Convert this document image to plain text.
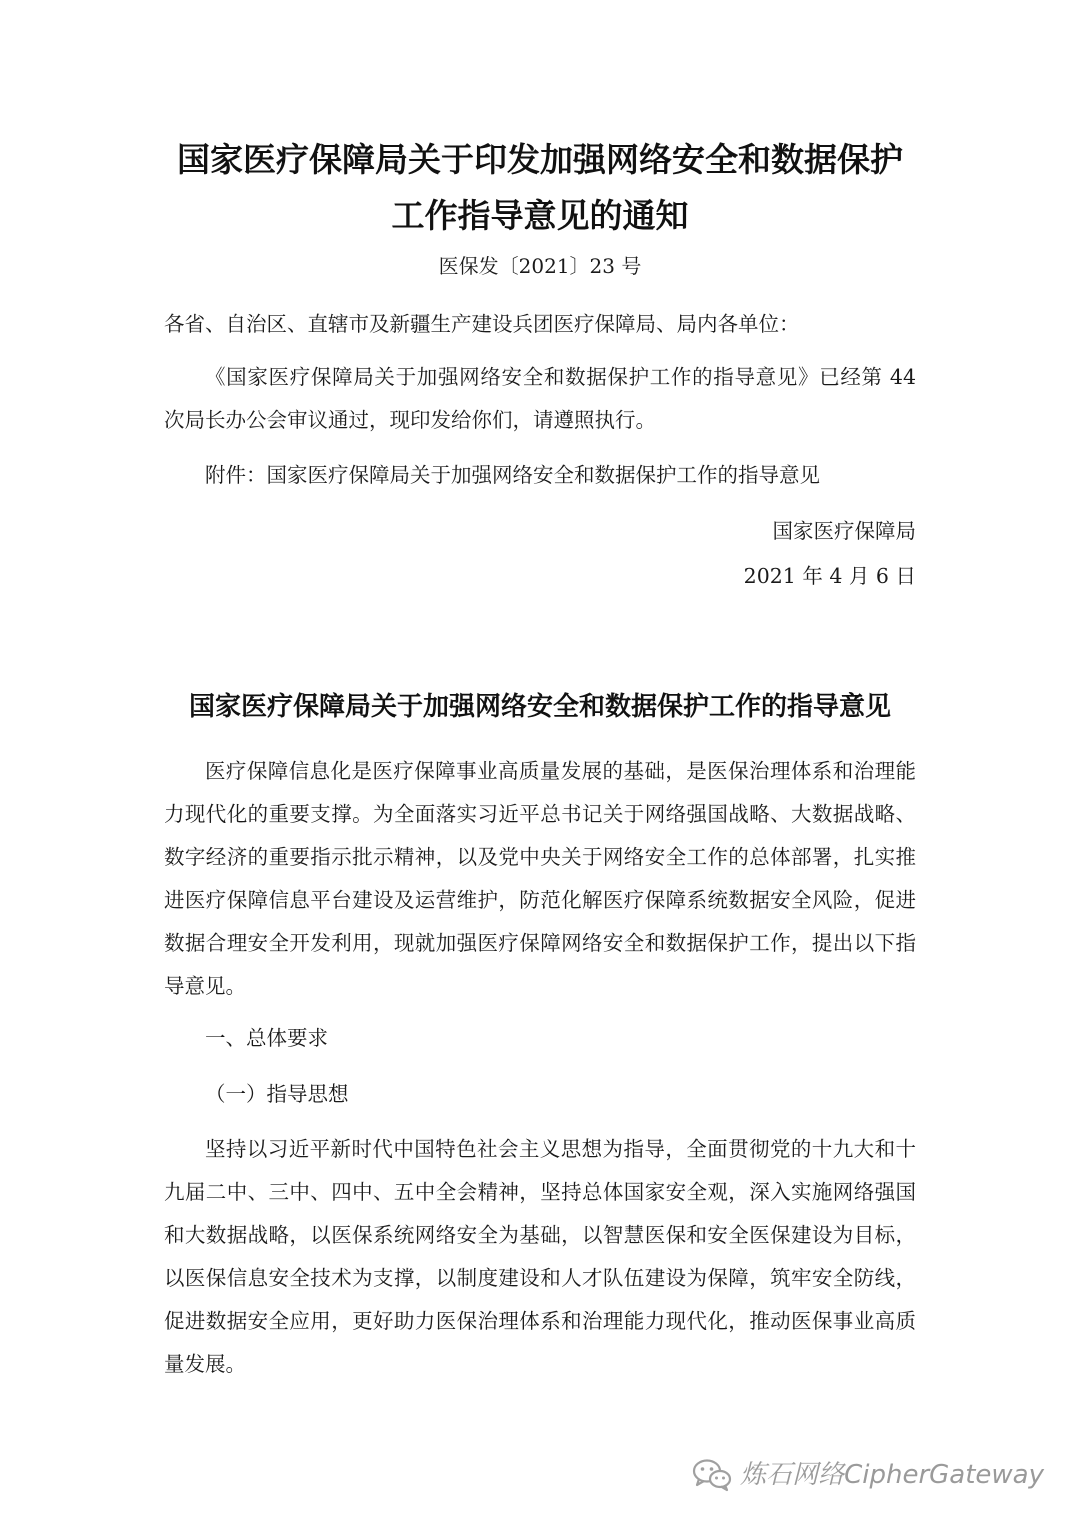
国家医疗保障局关于印发加强网络安全和数据保护
工作指导意见的通知
医保发〔2021〕23 号
各省、自治区、直辖市及新疆生产建设兵团医疗保障局、局内各单位：
《国家医疗保障局关于加强网络安全和数据保护工作的指导意见》已经第 44 次局长办公会审议通过，现印发给你们，请遵照执行。
附件：国家医疗保障局关于加强网络安全和数据保护工作的指导意见
国家医疗保障局
2021 年 4 月 6 日
国家医疗保障局关于加强网络安全和数据保护工作的指导意见
医疗保障信息化是医疗保障事业高质量发展的基础，是医保治理体系和治理能力现代化的重要支撑。为全面落实习近平总书记关于网络强国战略、大数据战略、数字经济的重要指示批示精神，以及党中央关于网络安全工作的总体部署，扎实推进医疗保障信息平台建设及运营维护，防范化解医疗保障系统数据安全风险，促进数据合理安全开发利用，现就加强医疗保障网络安全和数据保护工作，提出以下指导意见。
一、总体要求
（一）指导思想
坚持以习近平新时代中国特色社会主义思想为指导，全面贯彻党的十九大和十九届二中、三中、四中、五中全会精神，坚持总体国家安全观，深入实施网络强国和大数据战略，以医保系统网络安全为基础，以智慧医保和安全医保建设为目标，以医保信息安全技术为支撑，以制度建设和人才队伍建设为保障，筑牢安全防线，促进数据安全应用，更好助力医保治理体系和治理能力现代化，推动医保事业高质量发展。
炼石网络CipherGateway
